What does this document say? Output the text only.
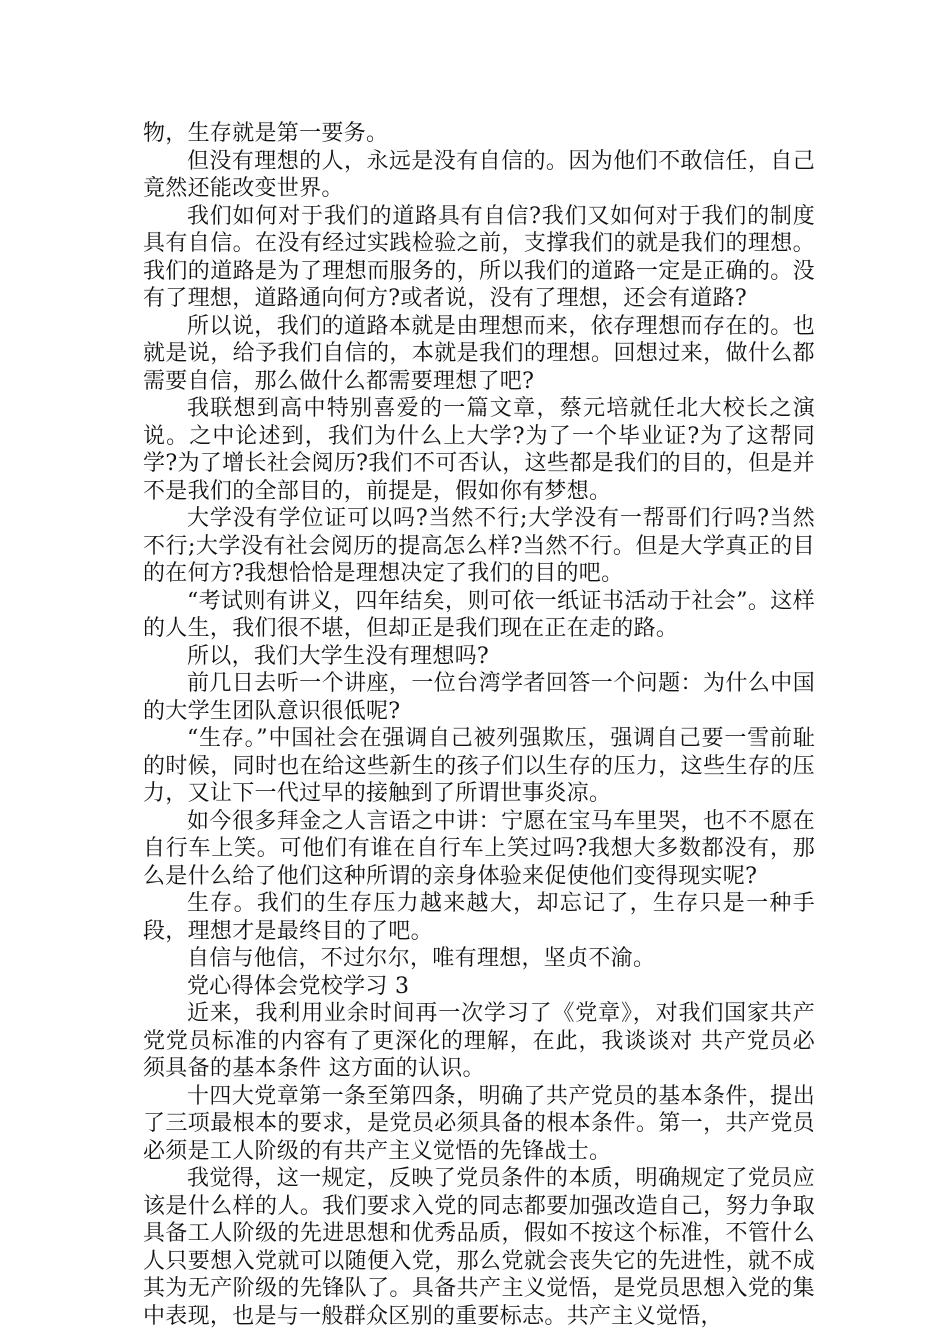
物，生存就是第一要务。

但没有理想的人，永远是没有自信的。因为他们不敢信任，自己竟然还能改变世界。

我们如何对于我们的道路具有自信?我们又如何对于我们的制度具有自信。在没有经过实践检验之前，支撑我们的就是我们的理想。我们的道路是为了理想而服务的，所以我们的道路一定是正确的。没有了理想，道路通向何方?或者说，没有了理想，还会有道路?

所以说，我们的道路本就是由理想而来，依存理想而存在的。也就是说，给予我们自信的，本就是我们的理想。回想过来，做什么都需要自信，那么做什么都需要理想了吧?

我联想到高中特别喜爱的一篇文章，蔡元培就任北大校长之演说。之中论述到，我们为什么上大学?为了一个毕业证?为了这帮同学?为了增长社会阅历?我们不可否认，这些都是我们的目的，但是并不是我们的全部目的，前提是，假如你有梦想。

大学没有学位证可以吗?当然不行;大学没有一帮哥们行吗?当然不行;大学没有社会阅历的提高怎么样?当然不行。但是大学真正的目的在何方?我想恰恰是理想决定了我们的目的吧。

“考试则有讲义，四年结矣，则可依一纸证书活动于社会”。这样的人生，我们很不堪，但却正是我们现在正在走的路。

所以，我们大学生没有理想吗?

前几日去听一个讲座，一位台湾学者回答一个问题：为什么中国的大学生团队意识很低呢?

“生存。”中国社会在强调自己被列强欺压，强调自己要一雪前耻的时候，同时也在给这些新生的孩子们以生存的压力，这些生存的压力，又让下一代过早的接触到了所谓世事炎凉。

如今很多拜金之人言语之中讲：宁愿在宝马车里哭，也不不愿在自行车上笑。可他们有谁在自行车上笑过吗?我想大多数都没有，那么是什么给了他们这种所谓的亲身体验来促使他们变得现实呢?

生存。我们的生存压力越来越大，却忘记了，生存只是一种手段，理想才是最终目的了吧。

自信与他信，不过尔尔，唯有理想，坚贞不渝。

党心得体会党校学习 3

近来，我利用业余时间再一次学习了《党章》，对我们国家共产党党员标准的内容有了更深化的理解，在此，我谈谈对 共产党员必须具备的基本条件 这方面的认识。

十四大党章第一条至第四条，明确了共产党员的基本条件，提出了三项最根本的要求，是党员必须具备的根本条件。第一，共产党员必须是工人阶级的有共产主义觉悟的先锋战士。

我觉得，这一规定，反映了党员条件的本质，明确规定了党员应该是什么样的人。我们要求入党的同志都要加强改造自己，努力争取具备工人阶级的先进思想和优秀品质，假如不按这个标准，不管什么人只要想入党就可以随便入党，那么党就会丧失它的先进性，就不成其为无产阶级的先锋队了。具备共产主义觉悟，是党员思想入党的集中表现，也是与一般群众区别的重要标志。共产主义觉悟，
